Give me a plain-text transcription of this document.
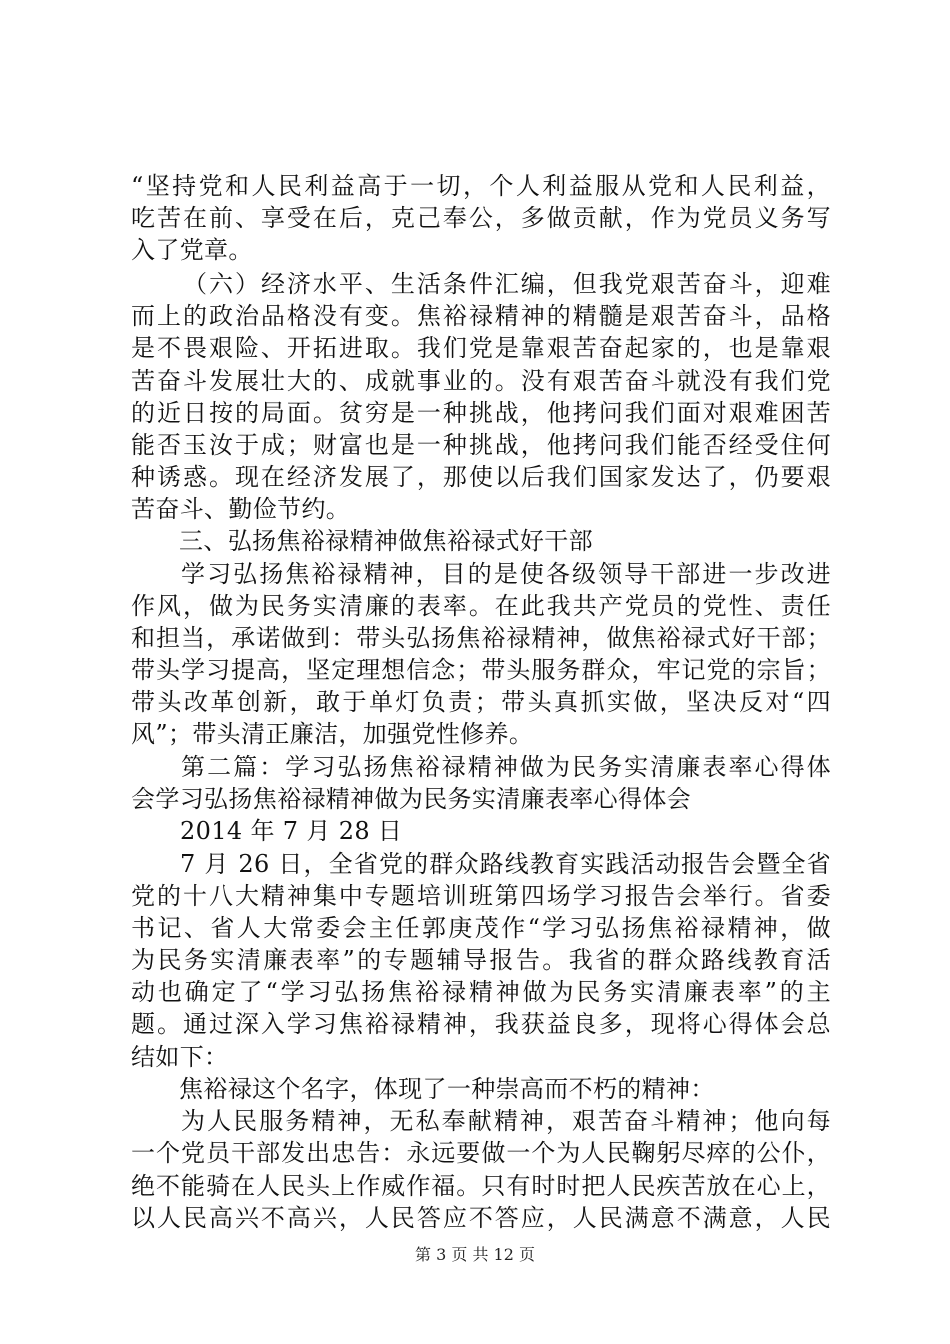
“坚持党和人民利益高于一切，个人利益服从党和人民利益，
吃苦在前、享受在后，克己奉公，多做贡献，作为党员义务写
入了党章。
（六）经济水平、生活条件汇编，但我党艰苦奋斗，迎难
而上的政治品格没有变。焦裕禄精神的精髓是艰苦奋斗，品格
是不畏艰险、开拓进取。我们党是靠艰苦奋起家的，也是靠艰
苦奋斗发展壮大的、成就事业的。没有艰苦奋斗就没有我们党
的近日按的局面。贫穷是一种挑战，他拷问我们面对艰难困苦
能否玉汝于成；财富也是一种挑战，他拷问我们能否经受住何
种诱惑。现在经济发展了，那使以后我们国家发达了，仍要艰
苦奋斗、勤俭节约。
三、弘扬焦裕禄精神做焦裕禄式好干部
学习弘扬焦裕禄精神，目的是使各级领导干部进一步改进
作风，做为民务实清廉的表率。在此我共产党员的党性、责任
和担当，承诺做到：带头弘扬焦裕禄精神，做焦裕禄式好干部；
带头学习提高，坚定理想信念；带头服务群众，牢记党的宗旨；
带头改革创新，敢于单灯负责；带头真抓实做，坚决反对“四
风”；带头清正廉洁，加强党性修养。
第二篇：学习弘扬焦裕禄精神做为民务实清廉表率心得体
会学习弘扬焦裕禄精神做为民务实清廉表率心得体会
2014 年 7 月 28 日
7 月 26 日，全省党的群众路线教育实践活动报告会暨全省
党的十八大精神集中专题培训班第四场学习报告会举行。省委
书记、省人大常委会主任郭庚茂作“学习弘扬焦裕禄精神，做
为民务实清廉表率”的专题辅导报告。我省的群众路线教育活
动也确定了“学习弘扬焦裕禄精神做为民务实清廉表率”的主
题。通过深入学习焦裕禄精神，我获益良多，现将心得体会总
结如下：
焦裕禄这个名字，体现了一种崇高而不朽的精神：
为人民服务精神，无私奉献精神，艰苦奋斗精神；他向每
一个党员干部发出忠告：永远要做一个为人民鞠躬尽瘁的公仆，
绝不能骑在人民头上作威作福。只有时时把人民疾苦放在心上，
以人民高兴不高兴，人民答应不答应，人民满意不满意，人民
第 3 页 共 12 页
